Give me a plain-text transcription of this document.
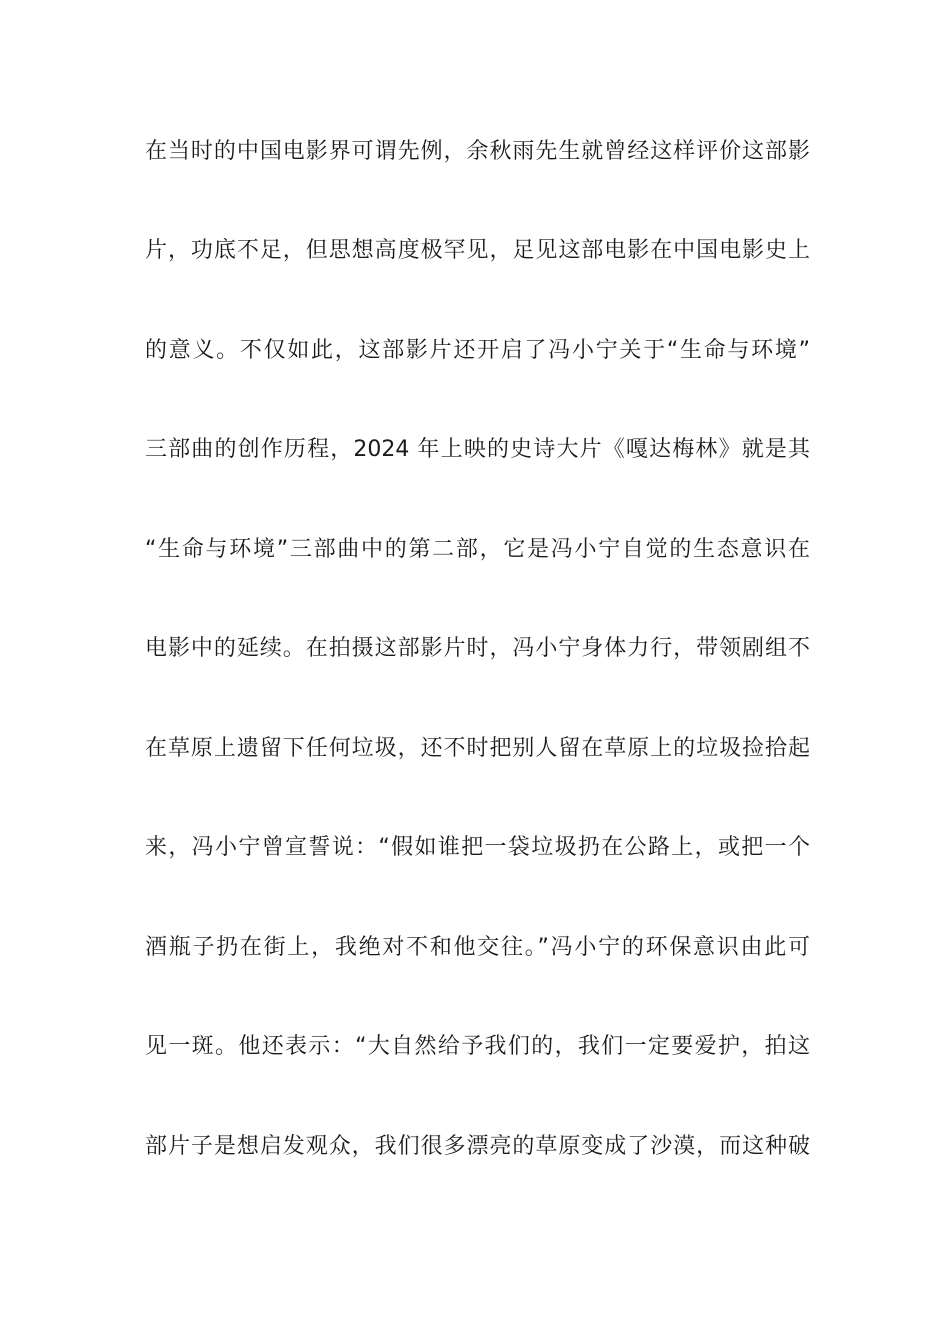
在当时的中国电影界可谓先例，余秋雨先生就曾经这样评价这部影
片，功底不足，但思想高度极罕见，足见这部电影在中国电影史上
的意义。不仅如此，这部影片还开启了冯小宁关于“生命与环境”
三部曲的创作历程，2024 年上映的史诗大片《嘎达梅林》就是其
“生命与环境”三部曲中的第二部，它是冯小宁自觉的生态意识在
电影中的延续。在拍摄这部影片时，冯小宁身体力行，带领剧组不
在草原上遗留下任何垃圾，还不时把别人留在草原上的垃圾捡拾起
来，冯小宁曾宣誓说：“假如谁把一袋垃圾扔在公路上，或把一个
酒瓶子扔在街上，我绝对不和他交往。”冯小宁的环保意识由此可
见一斑。他还表示：“大自然给予我们的，我们一定要爱护，拍这
部片子是想启发观众，我们很多漂亮的草原变成了沙漠，而这种破
